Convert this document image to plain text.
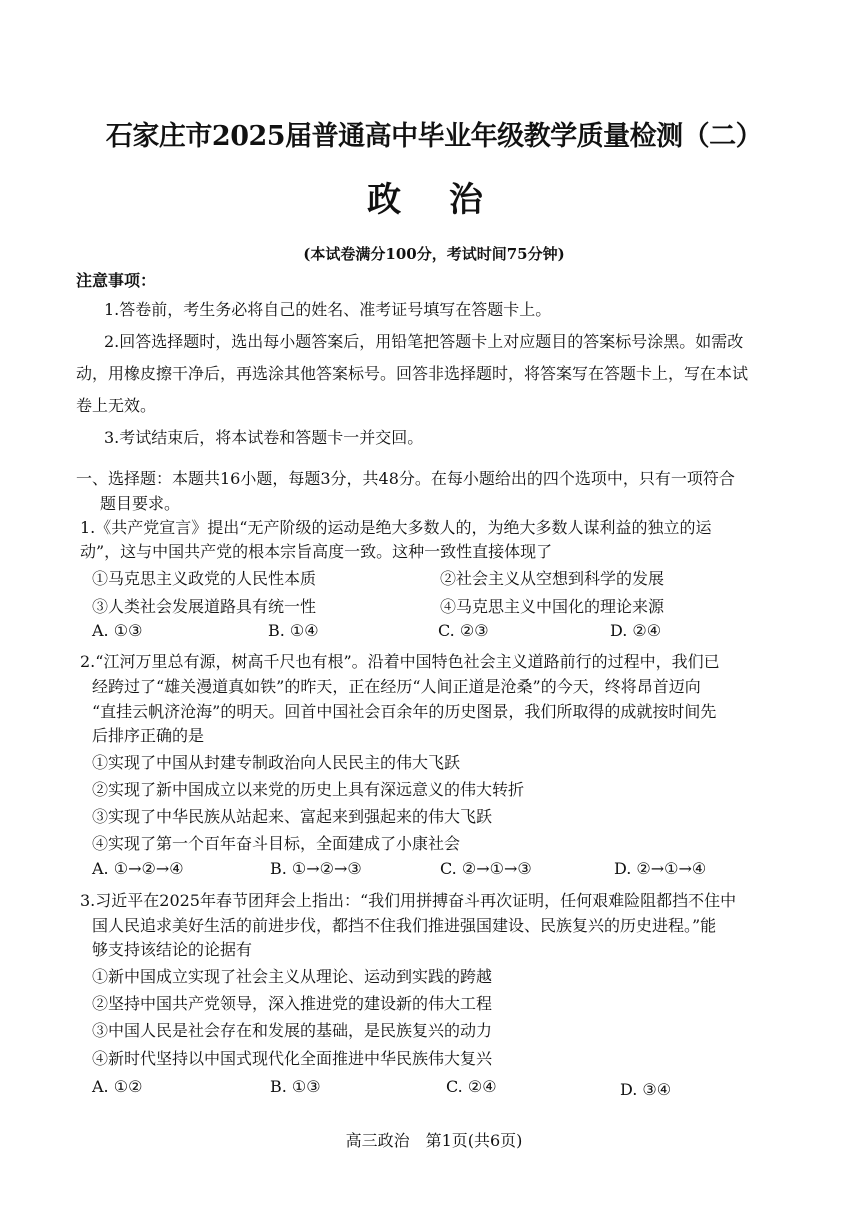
石家庄市2025届普通高中毕业年级教学质量检测（二）
政 治
(本试卷满分100分，考试时间75分钟)
注意事项：
1.答卷前，考生务必将自己的姓名、准考证号填写在答题卡上。
2.回答选择题时，选出每小题答案后，用铅笔把答题卡上对应题目的答案标号涂黑。如需改
动，用橡皮擦干净后，再选涂其他答案标号。回答非选择题时，将答案写在答题卡上，写在本试
卷上无效。
3.考试结束后，将本试卷和答题卡一并交回。
一、选择题：本题共16小题，每题3分，共48分。在每小题给出的四个选项中，只有一项符合
题目要求。
1.《共产党宣言》提出“无产阶级的运动是绝大多数人的，为绝大多数人谋利益的独立的运
动”，这与中国共产党的根本宗旨高度一致。这种一致性直接体现了
①马克思主义政党的人民性本质	②社会主义从空想到科学的发展
③人类社会发展道路具有统一性	④马克思主义中国化的理论来源
A. ①③	B. ①④	C. ②③	D. ②④
2.“江河万里总有源，树高千尺也有根”。沿着中国特色社会主义道路前行的过程中，我们已
经跨过了“雄关漫道真如铁”的昨天，正在经历“人间正道是沧桑”的今天，终将昂首迈向
“直挂云帆济沧海”的明天。回首中国社会百余年的历史图景，我们所取得的成就按时间先
后排序正确的是
①实现了中国从封建专制政治向人民民主的伟大飞跃
②实现了新中国成立以来党的历史上具有深远意义的伟大转折
③实现了中华民族从站起来、富起来到强起来的伟大飞跃
④实现了第一个百年奋斗目标，全面建成了小康社会
A. ①→②→④	B. ①→②→③	C. ②→①→③	D. ②→①→④
3.习近平在2025年春节团拜会上指出：“我们用拼搏奋斗再次证明，任何艰难险阻都挡不住中
国人民追求美好生活的前进步伐，都挡不住我们推进强国建设、民族复兴的历史进程。”能
够支持该结论的论据有
①新中国成立实现了社会主义从理论、运动到实践的跨越
②坚持中国共产党领导，深入推进党的建设新的伟大工程
③中国人民是社会存在和发展的基础，是民族复兴的动力
④新时代坚持以中国式现代化全面推进中华民族伟大复兴
A. ①②	B. ①③	C. ②④	D. ③④
高三政治　第1页(共6页)
